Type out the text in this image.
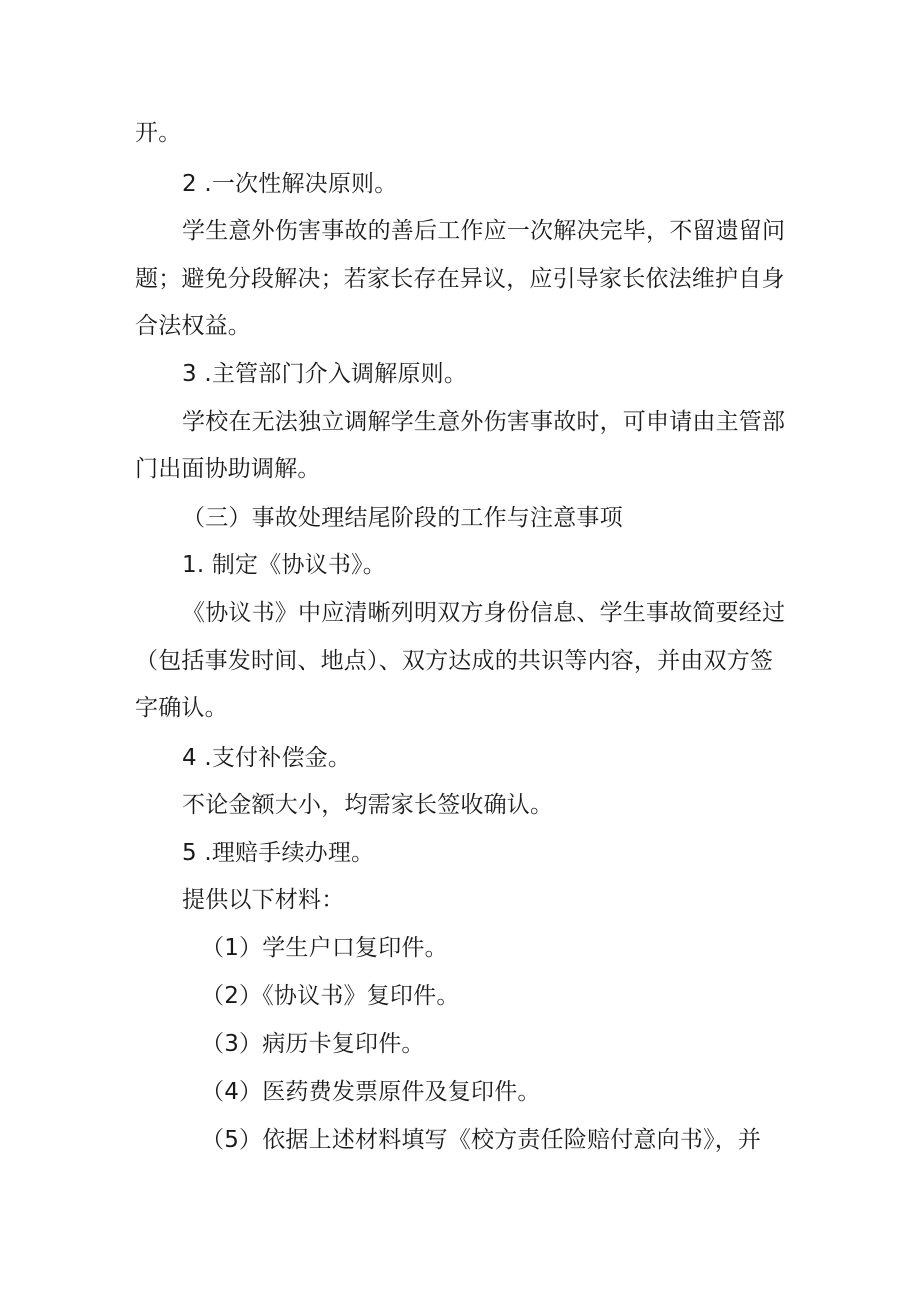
开。
2 .一次性解决原则。
学生意外伤害事故的善后工作应一次解决完毕，不留遗留问
题；避免分段解决；若家长存在异议，应引导家长依法维护自身
合法权益。
3 .主管部门介入调解原则。
学校在无法独立调解学生意外伤害事故时，可申请由主管部
门出面协助调解。
（三）事故处理结尾阶段的工作与注意事项
1. 制定《协议书》。
《协议书》中应清晰列明双方身份信息、学生事故简要经过
（包括事发时间、地点）、双方达成的共识等内容，并由双方签
字确认。
4 .支付补偿金。
不论金额大小，均需家长签收确认。
5 .理赔手续办理。
提供以下材料：
（1）学生户口复印件。
（2）《协议书》复印件。
（3）病历卡复印件。
（4）医药费发票原件及复印件。
（5）依据上述材料填写《校方责任险赔付意向书》，并
